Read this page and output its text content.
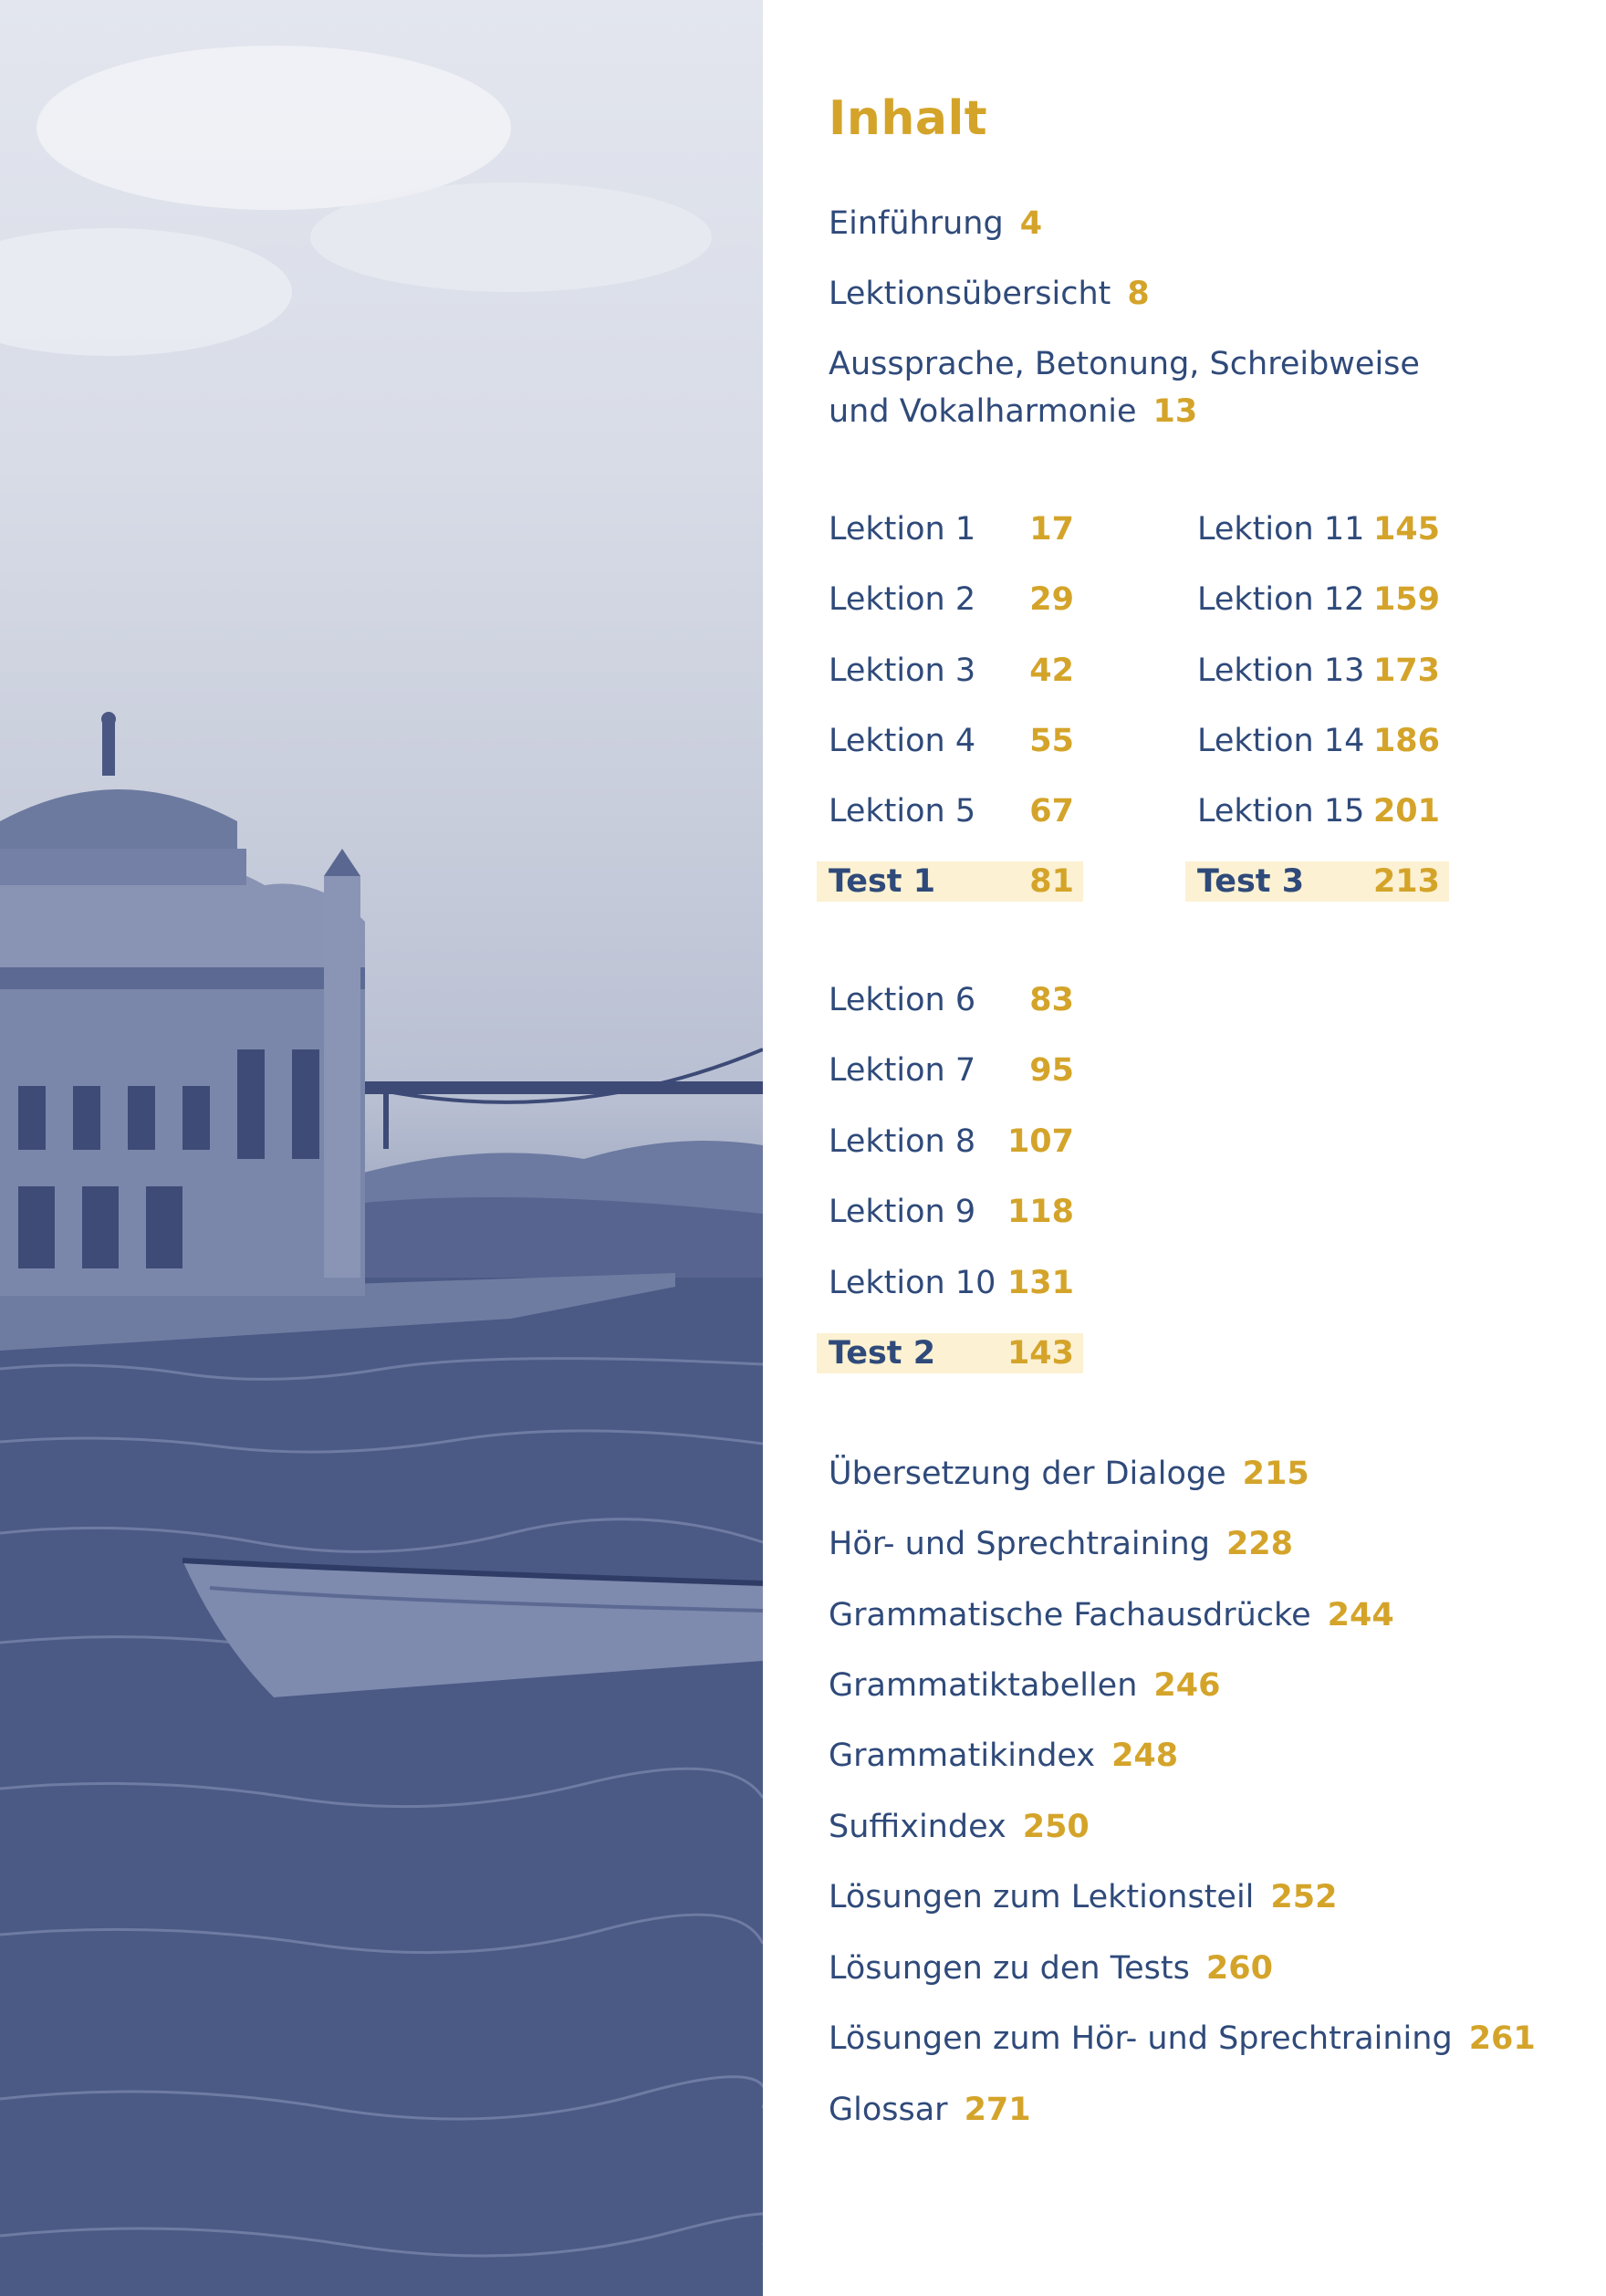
Inhalt
Einführung 4
Lektionsübersicht 8
Aussprache, Betonung, Schreibweise
und Vokalharmonie 13
Lektion 1 17
Lektion 2 29
Lektion 3 42
Lektion 4 55
Lektion 5 67
Test 1	81
Lektion 11 145
Lektion 12 159
Lektion 13 173
Lektion 14 186
Lektion 15 201
Test 3 213
Lektion 6 83
Lektion 7 95
Lektion 8 107
Lektion 9 118
Lektion 10 131
Test 2 143
Übersetzung der Dialoge 215
Hör- und Sprechtraining 228
Grammatische Fachausdrücke 244
Grammatiktabellen 246
Grammatikindex 248
Suffixindex 250
Lösungen zum Lektionsteil 252
Lösungen zu den Tests 260
Lösungen zum Hör- und Sprechtraining 261
Glossar 271
